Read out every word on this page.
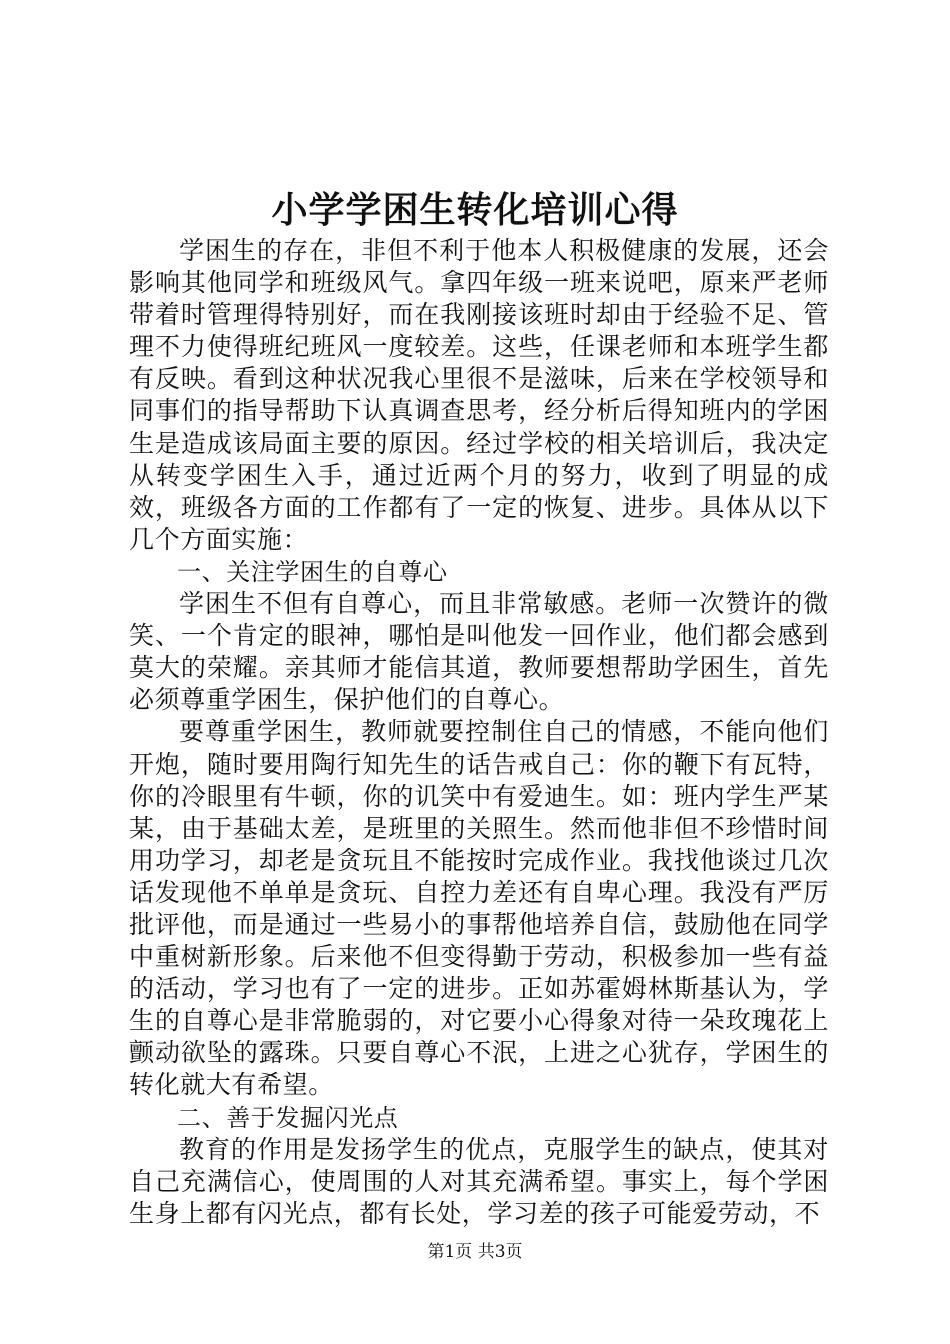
小学学困生转化培训心得

学困生的存在，非但不利于他本人积极健康的发展，还会影响其他同学和班级风气。拿四年级一班来说吧，原来严老师带着时管理得特别好，而在我刚接该班时却由于经验不足、管理不力使得班纪班风一度较差。这些，任课老师和本班学生都有反映。看到这种状况我心里很不是滋味，后来在学校领导和同事们的指导帮助下认真调查思考，经分析后得知班内的学困生是造成该局面主要的原因。经过学校的相关培训后，我决定从转变学困生入手，通过近两个月的努力，收到了明显的成效，班级各方面的工作都有了一定的恢复、进步。具体从以下几个方面实施：

一、关注学困生的自尊心

学困生不但有自尊心，而且非常敏感。老师一次赞许的微笑、一个肯定的眼神，哪怕是叫他发一回作业，他们都会感到莫大的荣耀。亲其师才能信其道，教师要想帮助学困生，首先必须尊重学困生，保护他们的自尊心。

要尊重学困生，教师就要控制住自己的情感，不能向他们开炮，随时要用陶行知先生的话告戒自己：你的鞭下有瓦特，你的冷眼里有牛顿，你的讥笑中有爱迪生。如：班内学生严某某，由于基础太差，是班里的关照生。然而他非但不珍惜时间用功学习，却老是贪玩且不能按时完成作业。我找他谈过几次话发现他不单单是贪玩、自控力差还有自卑心理。我没有严厉批评他，而是通过一些易小的事帮他培养自信，鼓励他在同学中重树新形象。后来他不但变得勤于劳动，积极参加一些有益的活动，学习也有了一定的进步。正如苏霍姆林斯基认为，学生的自尊心是非常脆弱的，对它要小心得象对待一朵玫瑰花上颤动欲坠的露珠。只要自尊心不泯，上进之心犹存，学困生的转化就大有希望。

二、善于发掘闪光点

教育的作用是发扬学生的优点，克服学生的缺点，使其对自己充满信心，使周围的人对其充满希望。事实上，每个学困生身上都有闪光点，都有长处，学习差的孩子可能爱劳动，不

第1页 共3页
